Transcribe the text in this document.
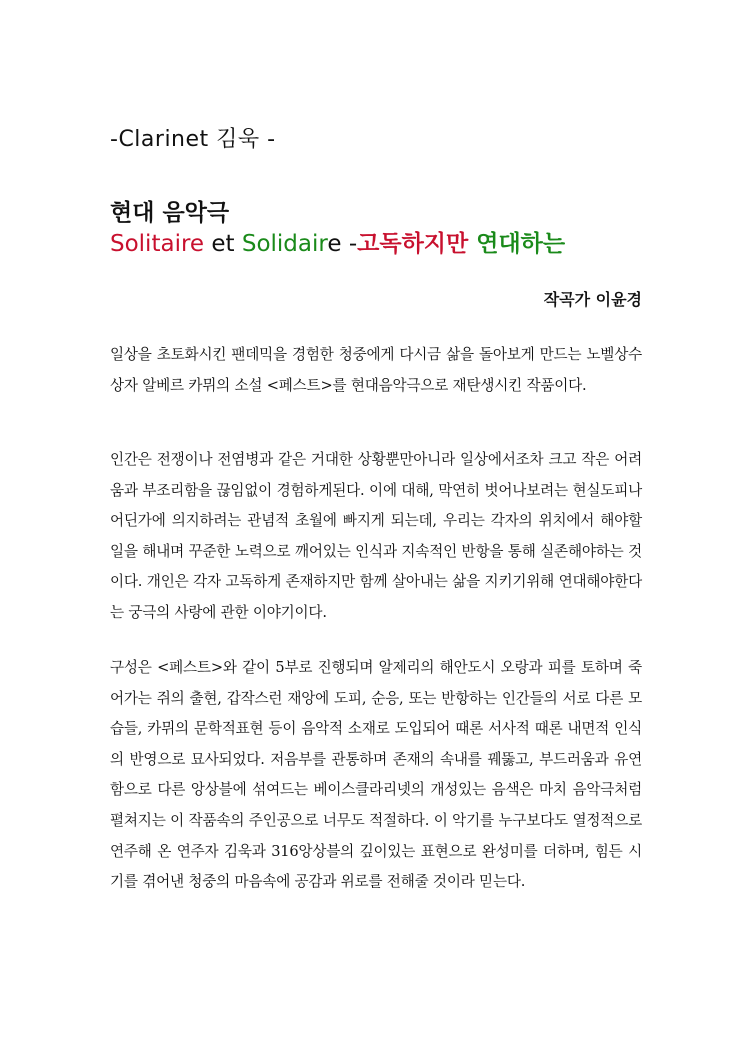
-Clarinet 김욱 -
현대 음악극
Solitaire et Solidaire -고독하지만 연대하는
작곡가 이윤경

일상을 초토화시킨 팬데믹을 경험한 청중에게 다시금 삶을 돌아보게 만드는 노벨상수상자 알베르 카뮈의 소설 <페스트>를 현대음악극으로 재탄생시킨 작품이다.

인간은 전쟁이나 전염병과 같은 거대한 상황뿐만아니라 일상에서조차 크고 작은 어려움과 부조리함을 끊임없이 경험하게된다. 이에 대해, 막연히 벗어나보려는 현실도피나 어딘가에 의지하려는 관념적 초월에 빠지게 되는데, 우리는 각자의 위치에서 해야할 일을 해내며 꾸준한 노력으로 깨어있는 인식과 지속적인 반항을 통해 실존해야하는 것이다. 개인은 각자 고독하게 존재하지만 함께 살아내는 삶을 지키기위해 연대해야한다는 궁극의 사랑에 관한 이야기이다.

구성은 <페스트>와 같이 5부로 진행되며 알제리의 해안도시 오랑과 피를 토하며 죽어가는 쥐의 출현, 갑작스런 재앙에 도피, 순응, 또는 반항하는 인간들의 서로 다른 모습들, 카뮈의 문학적표현 등이 음악적 소재로 도입되어 때론 서사적 때론 내면적 인식의 반영으로 묘사되었다. 저음부를 관통하며 존재의 속내를 꿰뚫고, 부드러움과 유연함으로 다른 앙상블에 섞여드는 베이스클라리넷의 개성있는 음색은 마치 음악극처럼 펼쳐지는 이 작품속의 주인공으로 너무도 적절하다. 이 악기를 누구보다도 열정적으로 연주해 온 연주자 김욱과 316앙상블의 깊이있는 표현으로 완성미를 더하며, 힘든 시기를 겪어낸 청중의 마음속에 공감과 위로를 전해줄 것이라 믿는다.
